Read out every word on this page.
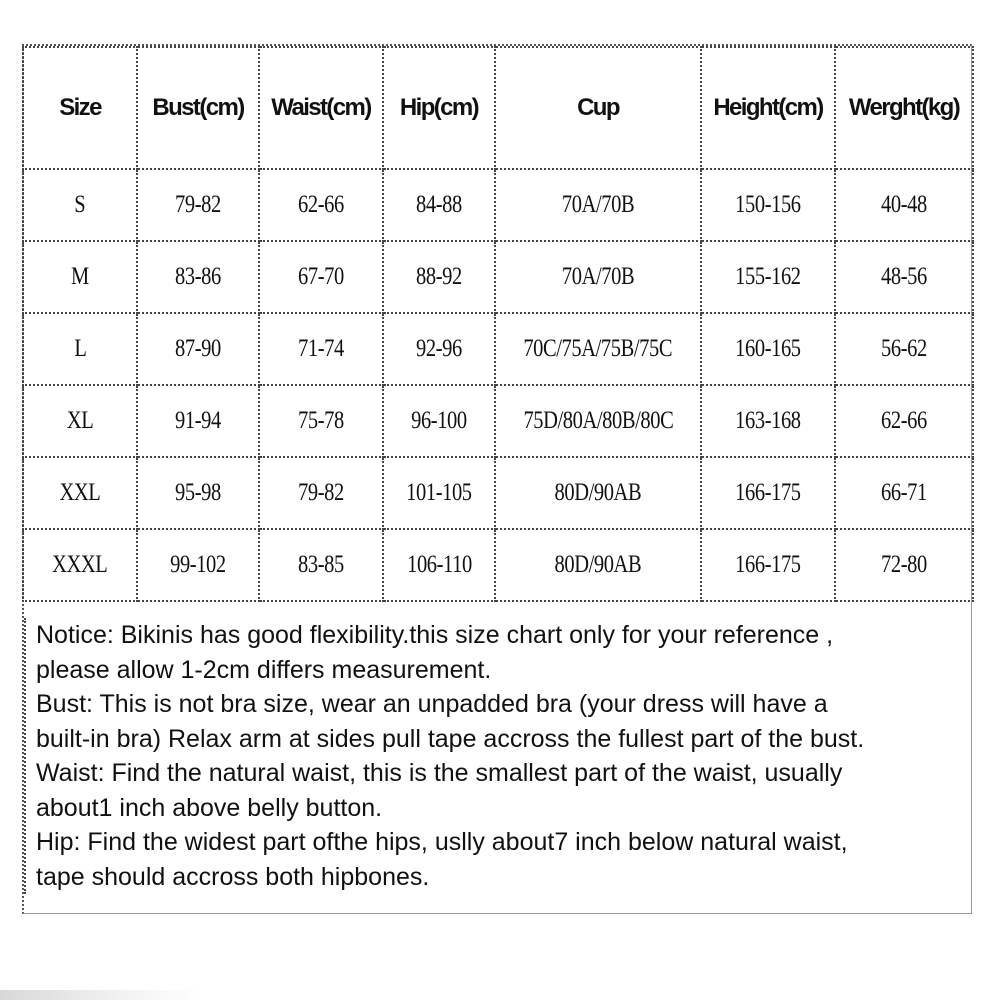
Size	Bust(cm)	Waist(cm)	Hip(cm)	Cup	Height(cm)	Werght(kg)
S	79-82	62-66	84-88	70A/70B	150-156	40-48
M	83-86	67-70	88-92	70A/70B	155-162	48-56
L	87-90	71-74	92-96	70C/75A/75B/75C	160-165	56-62
XL	91-94	75-78	96-100	75D/80A/80B/80C	163-168	62-66
XXL	95-98	79-82	101-105	80D/90AB	166-175	66-71
XXXL	99-102	83-85	106-110	80D/90AB	166-175	72-80

Notice: Bikinis has good flexibility.this size chart only for your reference ,

please allow 1-2cm differs measurement.

Bust: This is not bra size, wear an unpadded bra (your dress will have a

built-in bra) Relax arm at sides pull tape accross the fullest part of the bust.

Waist: Find the natural waist, this is the smallest part of the waist, usually

about1 inch above belly button.

Hip: Find the widest part ofthe hips, uslly about7 inch below natural waist,

tape should accross both hipbones.
